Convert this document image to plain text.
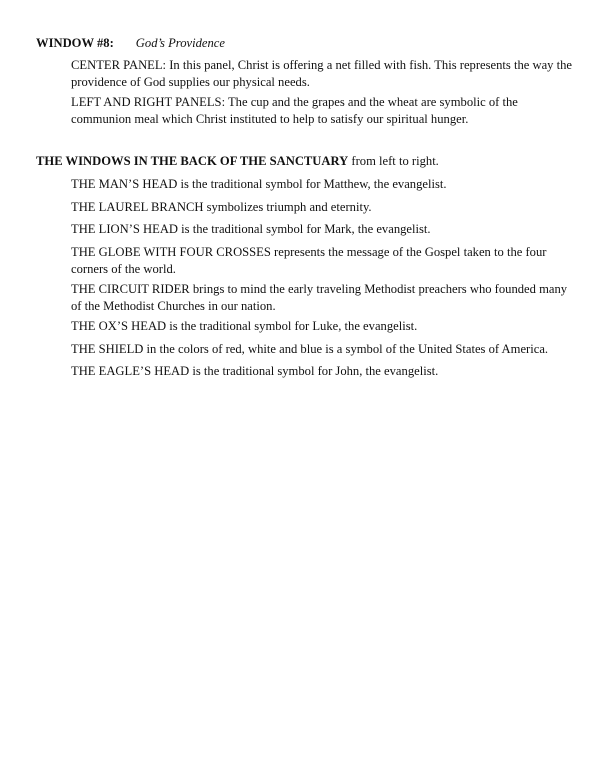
WINDOW #8: God’s Providence

CENTER PANEL: In this panel, Christ is offering a net filled with fish. This represents the way the providence of God supplies our physical needs.

LEFT AND RIGHT PANELS: The cup and the grapes and the wheat are symbolic of the communion meal which Christ instituted to help to satisfy our spiritual hunger.

THE WINDOWS IN THE BACK OF THE SANCTUARY from left to right.

THE MAN’S HEAD is the traditional symbol for Matthew, the evangelist.

THE LAUREL BRANCH symbolizes triumph and eternity.

THE LION’S HEAD is the traditional symbol for Mark, the evangelist.

THE GLOBE WITH FOUR CROSSES represents the message of the Gospel taken to the four corners of the world.

THE CIRCUIT RIDER brings to mind the early traveling Methodist preachers who founded many of the Methodist Churches in our nation.

THE OX’S HEAD is the traditional symbol for Luke, the evangelist.

THE SHIELD in the colors of red, white and blue is a symbol of the United States of America.

THE EAGLE’S HEAD is the traditional symbol for John, the evangelist.
